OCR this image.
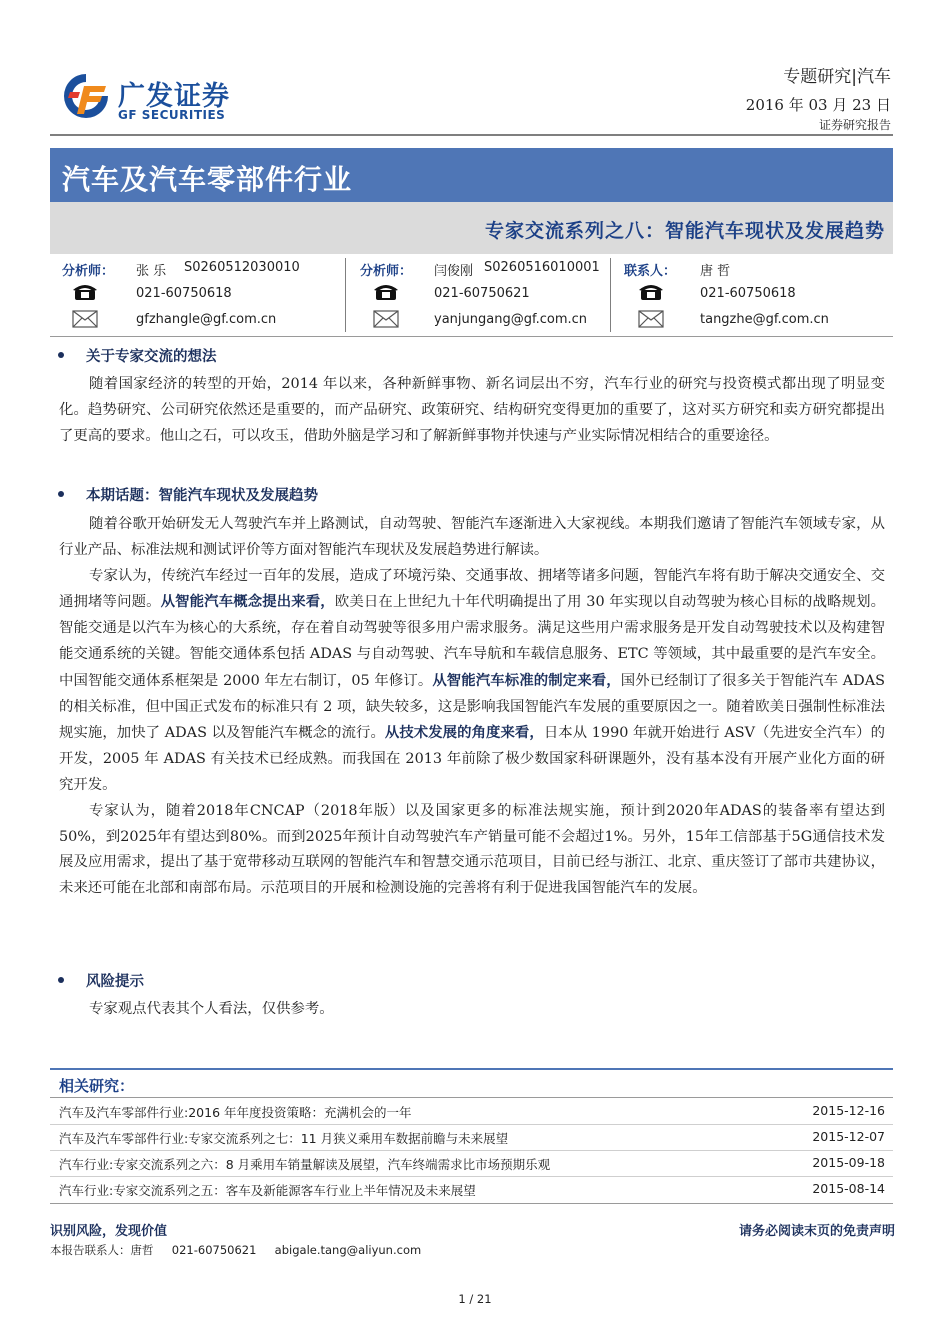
广发证券
GF SECURITIES
专题研究|汽车
2016 年 03 月 23 日
证券研究报告
汽车及汽车零部件行业
专家交流系列之八：智能汽车现状及发展趋势
分析师： 张 乐 S0260512030010
021-60750618
gfzhangle@gf.com.cn
分析师： 闫俊刚 S0260516010001
021-60750621
yanjungang@gf.com.cn
联系人： 唐 哲
021-60750618
tangzhe@gf.com.cn
关于专家交流的想法

随着国家经济的转型的开始，2014 年以来，各种新鲜事物、新名词层出不穷，汽车行业的研究与投资模式都出现了明显变化。趋势研究、公司研究依然还是重要的，而产品研究、政策研究、结构研究变得更加的重要了，这对买方研究和卖方研究都提出了更高的要求。他山之石，可以攻玉，借助外脑是学习和了解新鲜事物并快速与产业实际情况相结合的重要途径。

本期话题：智能汽车现状及发展趋势

随着谷歌开始研发无人驾驶汽车并上路测试，自动驾驶、智能汽车逐渐进入大家视线。本期我们邀请了智能汽车领域专家，从行业产品、标准法规和测试评价等方面对智能汽车现状及发展趋势进行解读。

专家认为，传统汽车经过一百年的发展，造成了环境污染、交通事故、拥堵等诸多问题，智能汽车将有助于解决交通安全、交通拥堵等问题。从智能汽车概念提出来看，欧美日在上世纪九十年代明确提出了用 30 年实现以自动驾驶为核心目标的战略规划。智能交通是以汽车为核心的大系统，存在着自动驾驶等很多用户需求服务。满足这些用户需求服务是开发自动驾驶技术以及构建智能交通系统的关键。智能交通体系包括 ADAS 与自动驾驶、汽车导航和车载信息服务、ETC 等领域，其中最重要的是汽车安全。中国智能交通体系框架是 2000 年左右制订，05 年修订。从智能汽车标准的制定来看，国外已经制订了很多关于智能汽车 ADAS 的相关标准，但中国正式发布的标准只有 2 项，缺失较多，这是影响我国智能汽车发展的重要原因之一。随着欧美日强制性标准法规实施，加快了 ADAS 以及智能汽车概念的流行。从技术发展的角度来看，日本从 1990 年就开始进行 ASV（先进安全汽车）的开发，2005 年 ADAS 有关技术已经成熟。而我国在 2013 年前除了极少数国家科研课题外，没有基本没有开展产业化方面的研究开发。

专家认为，随着2018年CNCAP（2018年版）以及国家更多的标准法规实施，预计到2020年ADAS的装备率有望达到50%，到2025年有望达到80%。而到2025年预计自动驾驶汽车产销量可能不会超过1%。另外，15年工信部基于5G通信技术发展及应用需求，提出了基于宽带移动互联网的智能汽车和智慧交通示范项目，目前已经与浙江、北京、重庆签订了部市共建协议，未来还可能在北部和南部布局。示范项目的开展和检测设施的完善将有利于促进我国智能汽车的发展。

风险提示

专家观点代表其个人看法，仅供参考。

相关研究：
汽车及汽车零部件行业:2016 年年度投资策略：充满机会的一年	2015-12-16
汽车及汽车零部件行业:专家交流系列之七：11 月狭义乘用车数据前瞻与未来展望	2015-12-07
汽车行业:专家交流系列之六：8 月乘用车销量解读及展望，汽车终端需求比市场预期乐观	2015-09-18
汽车行业:专家交流系列之五：客车及新能源客车行业上半年情况及未来展望	2015-08-14
识别风险，发现价值	请务必阅读末页的免责声明
本报告联系人：唐哲     021-60750621     abigale.tang@aliyun.com
1 / 21
